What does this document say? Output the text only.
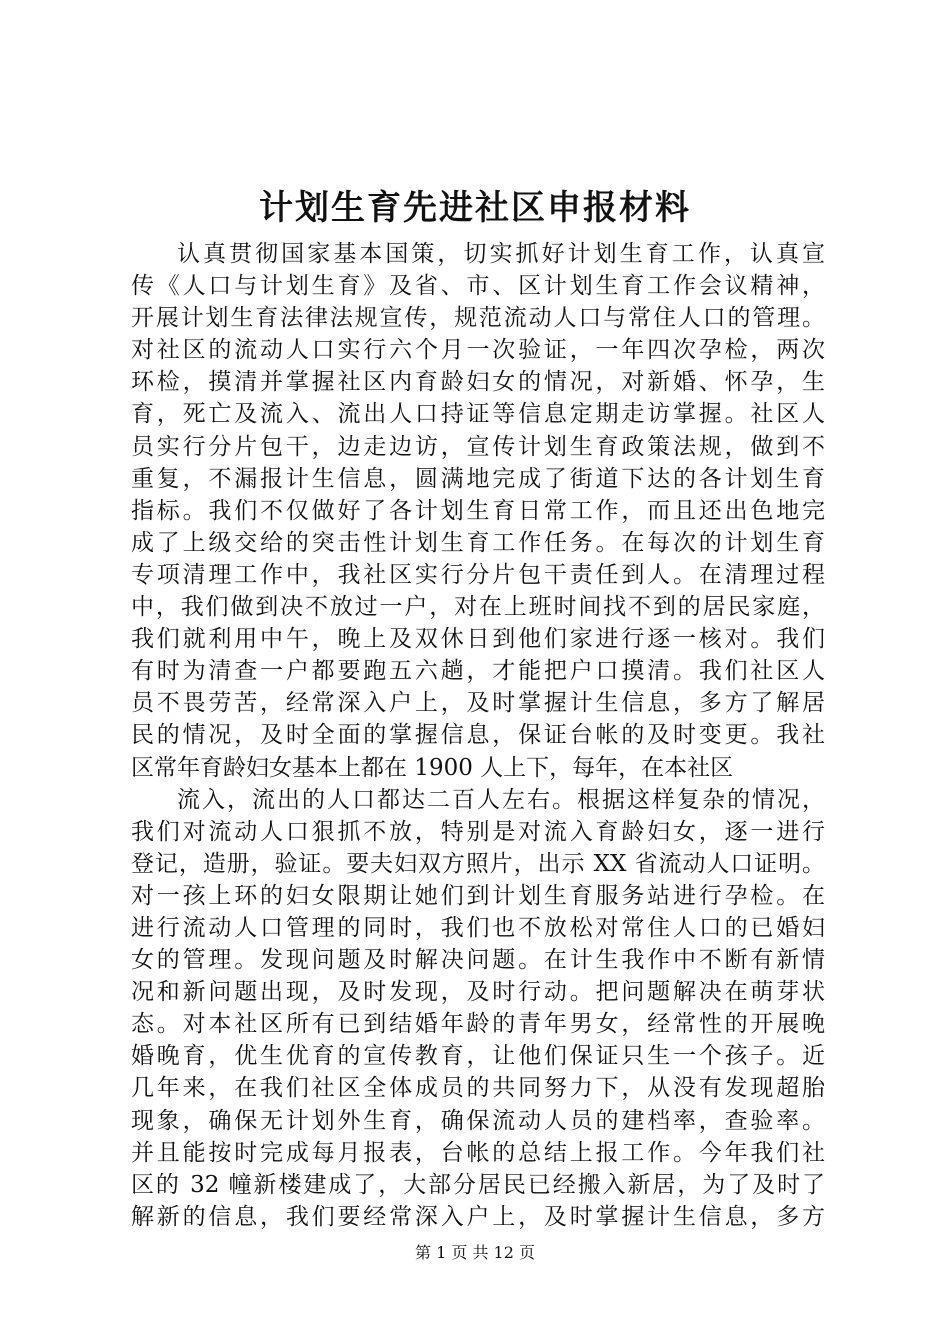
计划生育先进社区申报材料
认真贯彻国家基本国策，切实抓好计划生育工作，认真宣
传《人口与计划生育》及省、市、区计划生育工作会议精神，
开展计划生育法律法规宣传，规范流动人口与常住人口的管理。
对社区的流动人口实行六个月一次验证，一年四次孕检，两次
环检，摸清并掌握社区内育龄妇女的情况，对新婚、怀孕，生
育，死亡及流入、流出人口持证等信息定期走访掌握。社区人
员实行分片包干，边走边访，宣传计划生育政策法规，做到不
重复，不漏报计生信息，圆满地完成了街道下达的各计划生育
指标。我们不仅做好了各计划生育日常工作，而且还出色地完
成了上级交给的突击性计划生育工作任务。在每次的计划生育
专项清理工作中，我社区实行分片包干责任到人。在清理过程
中，我们做到决不放过一户，对在上班时间找不到的居民家庭，
我们就利用中午，晚上及双休日到他们家进行逐一核对。我们
有时为清查一户都要跑五六趟，才能把户口摸清。我们社区人
员不畏劳苦，经常深入户上，及时掌握计生信息，多方了解居
民的情况，及时全面的掌握信息，保证台帐的及时变更。我社
区常年育龄妇女基本上都在 1900 人上下，每年，在本社区
流入，流出的人口都达二百人左右。根据这样复杂的情况，
我们对流动人口狠抓不放，特别是对流入育龄妇女，逐一进行
登记，造册，验证。要夫妇双方照片，出示 XX 省流动人口证明。
对一孩上环的妇女限期让她们到计划生育服务站进行孕检。在
进行流动人口管理的同时，我们也不放松对常住人口的已婚妇
女的管理。发现问题及时解决问题。在计生我作中不断有新情
况和新问题出现，及时发现，及时行动。把问题解决在萌芽状
态。对本社区所有已到结婚年龄的青年男女，经常性的开展晚
婚晚育，优生优育的宣传教育，让他们保证只生一个孩子。近
几年来，在我们社区全体成员的共同努力下，从没有发现超胎
现象，确保无计划外生育，确保流动人员的建档率，查验率。
并且能按时完成每月报表，台帐的总结上报工作。今年我们社
区的 32 幢新楼建成了，大部分居民已经搬入新居，为了及时了
解新的信息，我们要经常深入户上，及时掌握计生信息，多方
第 1 页 共 12 页
